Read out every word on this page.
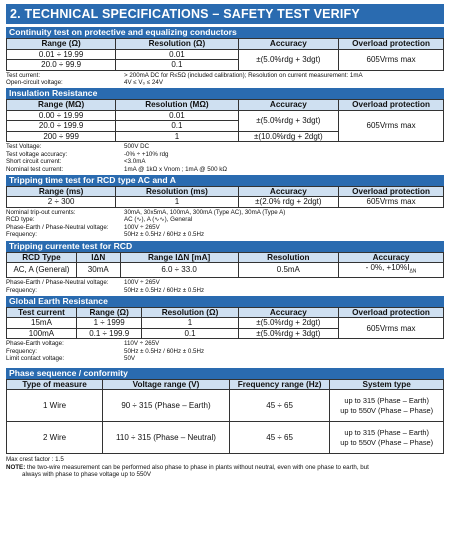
2. TECHNICAL SPECIFICATIONS – SAFETY TEST VERIFY
Continuity test on protective and equalizing conductors
Range (Ω)	Resolution (Ω)	Accuracy	Overload protection
0.01 ÷ 19.99	0.01	±(5.0%rdg + 3dgt)	605Vrms max
20.0 ÷ 99.9	0.1		
Test current:	> 200mA DC for R≤5Ω (included calibration); Resolution on current measurement: 1mA
Open-circuit voltage:	4V ≤ V₀ ≤ 24V
Insulation Resistance
Range (MΩ)	Resolution (MΩ)	Accuracy	Overload protection
0.00 ÷ 19.99	0.01	±(5.0%rdg + 3dgt)	605Vrms max
20.0 ÷ 199.9	0.1		
200 ÷ 999	1	±(10.0%rdg + 2dgt)	
Test Voltage:	500V DC
Test voltage accuracy:	-0% ÷ +10% rdg
Short circuit current:	<3.0mA
Nominal test current:	1mA @ 1kΩ x Vnom ; 1mA @ 500 kΩ
Tripping time test for RCD type AC and A
Range (ms)	Resolution (ms)	Accuracy	Overload protection
2 ÷ 300	1	±(2.0% rdg + 2dgt)	605Vrms max
Nominal trip-out currents:	30mA, 30x5mA, 100mA, 300mA (Type AC), 30mA (Type A)
RCD type:	AC (∿), A (∿∿), General
Phase-Earth / Phase-Neutral voltage:	100V ÷ 265V
Frequency:	50Hz ± 0.5Hz / 60Hz ± 0.5Hz
Tripping currente test for RCD
RCD Type	IΔN	Range IΔN [mA]	Resolution	Accuracy
AC, A (General)	30mA	6.0 ÷ 33.0	0.5mA	- 0%, $+10\%I_{\Delta N}$
Phase-Earth / Phase-Neutral voltage:	100V ÷ 265V
Frequency:	50Hz ± 0.5Hz / 60Hz ± 0.5Hz
Global Earth Resistance
Test current	Range (Ω)	Resolution (Ω)	Accuracy	Overload protection
15mA	1 ÷ 1999	1	±(5.0%rdg + 2dgt)	605Vrms max
100mA	0.1 ÷ 199.9	0.1	±(5.0%rdg + 3dgt)	
Phase-Earth voltage:	110V ÷ 265V
Frequency:	50Hz ± 0.5Hz / 60Hz ± 0.5Hz
Limit contact voltage:	50V
Phase sequence / conformity
Type of measure	Voltage range (V)	Frequency range (Hz)	System type
1 Wire	90 ÷ 315 (Phase – Earth)	45 ÷ 65	up to 315 (Phase – Earth)
up to 550V (Phase – Phase)

2 Wire	110 ÷ 315 (Phase – Neutral)	45 ÷ 65	up to 315 (Phase – Earth)
up to 550V (Phase – Phase)
Max crest factor : 1.5
NOTE: the two-wire measurement can be performed also phase to phase in plants without neutral, even with one phase to earth, but
always with phase to phase voltage up to 550V
